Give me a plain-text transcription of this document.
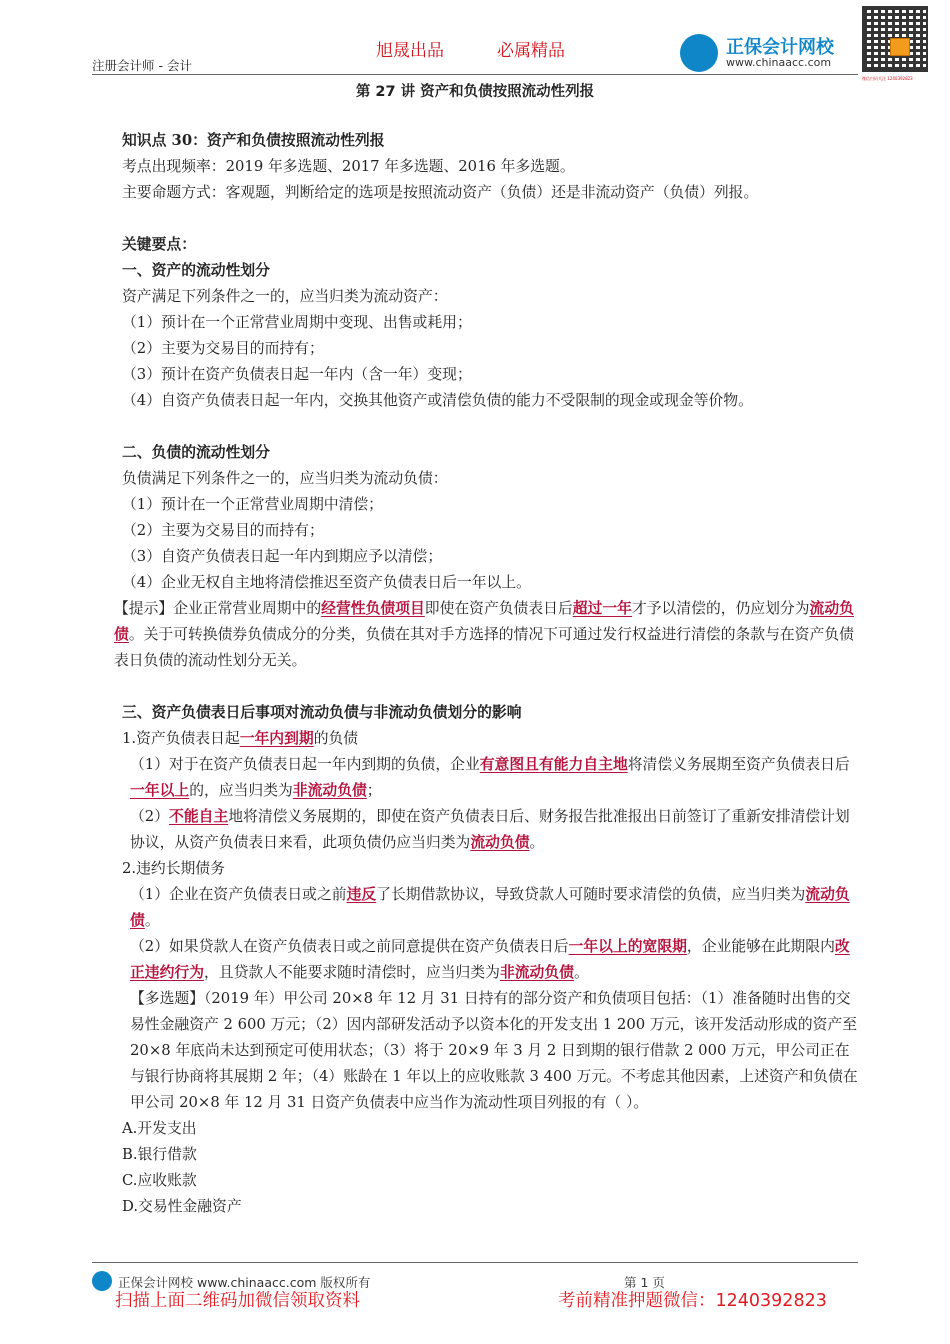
旭晟出品	必属精品
注册会计师 - 会计
正保会计网校
www.chinaacc.com
微信扫码关注 1240392823
第 27 讲 资产和负债按照流动性列报

知识点 30：资产和负债按照流动性列报

考点出现频率：2019 年多选题、2017 年多选题、2016 年多选题。

主要命题方式：客观题，判断给定的选项是按照流动资产（负债）还是非流动资产（负债）列报。

关键要点：

一、资产的流动性划分

资产满足下列条件之一的，应当归类为流动资产：

（1）预计在一个正常营业周期中变现、出售或耗用；

（2）主要为交易目的而持有；

（3）预计在资产负债表日起一年内（含一年）变现；

（4）自资产负债表日起一年内，交换其他资产或清偿负债的能力不受限制的现金或现金等价物。

二、负债的流动性划分

负债满足下列条件之一的，应当归类为流动负债：

（1）预计在一个正常营业周期中清偿；

（2）主要为交易目的而持有；

（3）自资产负债表日起一年内到期应予以清偿；

（4）企业无权自主地将清偿推迟至资产负债表日后一年以上。

【提示】企业正常营业周期中的经营性负债项目即使在资产负债表日后超过一年才予以清偿的，仍应划分为流动负债。关于可转换债券负债成分的分类，负债在其对手方选择的情况下可通过发行权益进行清偿的条款与在资产负债表日负债的流动性划分无关。

三、资产负债表日后事项对流动负债与非流动负债划分的影响

1.资产负债表日起一年内到期的负债

（1）对于在资产负债表日起一年内到期的负债，企业有意图且有能力自主地将清偿义务展期至资产负债表日后一年以上的，应当归类为非流动负债；

（2）不能自主地将清偿义务展期的，即使在资产负债表日后、财务报告批准报出日前签订了重新安排清偿计划协议，从资产负债表日来看，此项负债仍应当归类为流动负债。

2.违约长期债务

（1）企业在资产负债表日或之前违反了长期借款协议，导致贷款人可随时要求清偿的负债，应当归类为流动负债。

（2）如果贷款人在资产负债表日或之前同意提供在资产负债表日后一年以上的宽限期，企业能够在此期限内改正违约行为，且贷款人不能要求随时清偿时，应当归类为非流动负债。

【多选题】（2019 年）甲公司 20×8 年 12 月 31 日持有的部分资产和负债项目包括：（1）准备随时出售的交易性金融资产 2 600 万元；（2）因内部研发活动予以资本化的开发支出 1 200 万元，该开发活动形成的资产至 20×8 年底尚未达到预定可使用状态；（3）将于 20×9 年 3 月 2 日到期的银行借款 2 000 万元，甲公司正在与银行协商将其展期 2 年；（4）账龄在 1 年以上的应收账款 3 400 万元。不考虑其他因素，上述资产和负债在甲公司 20×8 年 12 月 31 日资产负债表中应当作为流动性项目列报的有（ ）。

A.开发支出

B.银行借款

C.应收账款

D.交易性金融资产

正保会计网校 www.chinaacc.com 版权所有	第 1 页
扫描上面二维码加微信领取资料	考前精准押题微信：1240392823
